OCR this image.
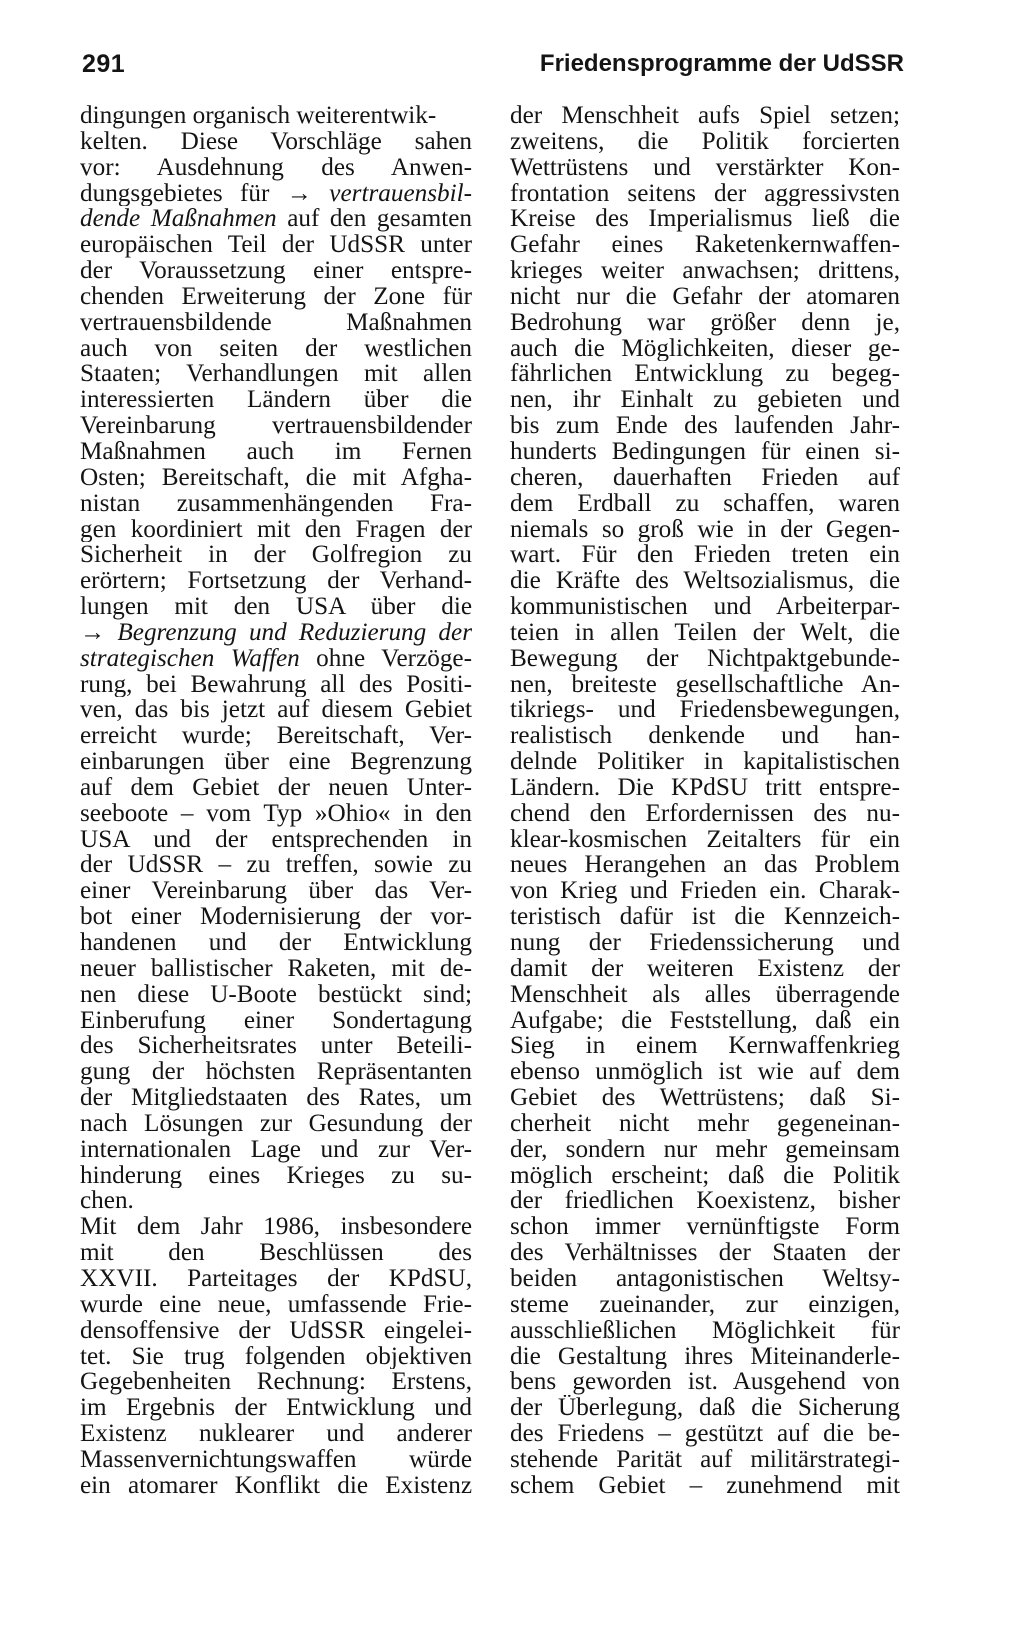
291	Friedensprogramme der UdSSR
dingungen organisch weiterentwik-
kelten. Diese Vorschläge sahen
vor: Ausdehnung des Anwen-
dungsgebietes für → vertrauensbil-
dende Maßnahmen auf den gesamten
europäischen Teil der UdSSR unter
der Voraussetzung einer entspre-
chenden Erweiterung der Zone für
vertrauensbildende Maßnahmen
auch von seiten der westlichen
Staaten; Verhandlungen mit allen
interessierten Ländern über die
Vereinbarung vertrauensbildender
Maßnahmen auch im Fernen
Osten; Bereitschaft, die mit Afgha-
nistan zusammenhängenden Fra-
gen koordiniert mit den Fragen der
Sicherheit in der Golfregion zu
erörtern; Fortsetzung der Verhand-
lungen mit den USA über die
→ Begrenzung und Reduzierung der
strategischen Waffen ohne Verzöge-
rung, bei Bewahrung all des Positi-
ven, das bis jetzt auf diesem Gebiet
erreicht wurde; Bereitschaft, Ver-
einbarungen über eine Begrenzung
auf dem Gebiet der neuen Unter-
seeboote – vom Typ »Ohio« in den
USA und der entsprechenden in
der UdSSR – zu treffen, sowie zu
einer Vereinbarung über das Ver-
bot einer Modernisierung der vor-
handenen und der Entwicklung
neuer ballistischer Raketen, mit de-
nen diese U-Boote bestückt sind;
Einberufung einer Sondertagung
des Sicherheitsrates unter Beteili-
gung der höchsten Repräsentanten
der Mitgliedstaaten des Rates, um
nach Lösungen zur Gesundung der
internationalen Lage und zur Ver-
hinderung eines Krieges zu su-
chen.
Mit dem Jahr 1986, insbesondere
mit den Beschlüssen des
XXVII. Parteitages der KPdSU,
wurde eine neue, umfassende Frie-
densoffensive der UdSSR eingelei-
tet. Sie trug folgenden objektiven
Gegebenheiten Rechnung: Erstens,
im Ergebnis der Entwicklung und
Existenz nuklearer und anderer
Massenvernichtungswaffen würde
ein atomarer Konflikt die Existenz
der Menschheit aufs Spiel setzen;
zweitens, die Politik forcierten
Wettrüstens und verstärkter Kon-
frontation seitens der aggressivsten
Kreise des Imperialismus ließ die
Gefahr eines Raketenkernwaffen-
krieges weiter anwachsen; drittens,
nicht nur die Gefahr der atomaren
Bedrohung war größer denn je,
auch die Möglichkeiten, dieser ge-
fährlichen Entwicklung zu begeg-
nen, ihr Einhalt zu gebieten und
bis zum Ende des laufenden Jahr-
hunderts Bedingungen für einen si-
cheren, dauerhaften Frieden auf
dem Erdball zu schaffen, waren
niemals so groß wie in der Gegen-
wart. Für den Frieden treten ein
die Kräfte des Weltsozialismus, die
kommunistischen und Arbeiterpar-
teien in allen Teilen der Welt, die
Bewegung der Nichtpaktgebunde-
nen, breiteste gesellschaftliche An-
tikriegs- und Friedensbewegungen,
realistisch denkende und han-
delnde Politiker in kapitalistischen
Ländern. Die KPdSU tritt entspre-
chend den Erfordernissen des nu-
klear-kosmischen Zeitalters für ein
neues Herangehen an das Problem
von Krieg und Frieden ein. Charak-
teristisch dafür ist die Kennzeich-
nung der Friedenssicherung und
damit der weiteren Existenz der
Menschheit als alles überragende
Aufgabe; die Feststellung, daß ein
Sieg in einem Kernwaffenkrieg
ebenso unmöglich ist wie auf dem
Gebiet des Wettrüstens; daß Si-
cherheit nicht mehr gegeneinan-
der, sondern nur mehr gemeinsam
möglich erscheint; daß die Politik
der friedlichen Koexistenz, bisher
schon immer vernünftigste Form
des Verhältnisses der Staaten der
beiden antagonistischen Weltsy-
steme zueinander, zur einzigen,
ausschließlichen Möglichkeit für
die Gestaltung ihres Miteinanderle-
bens geworden ist. Ausgehend von
der Überlegung, daß die Sicherung
des Friedens – gestützt auf die be-
stehende Parität auf militärstrategi-
schem Gebiet – zunehmend mit
